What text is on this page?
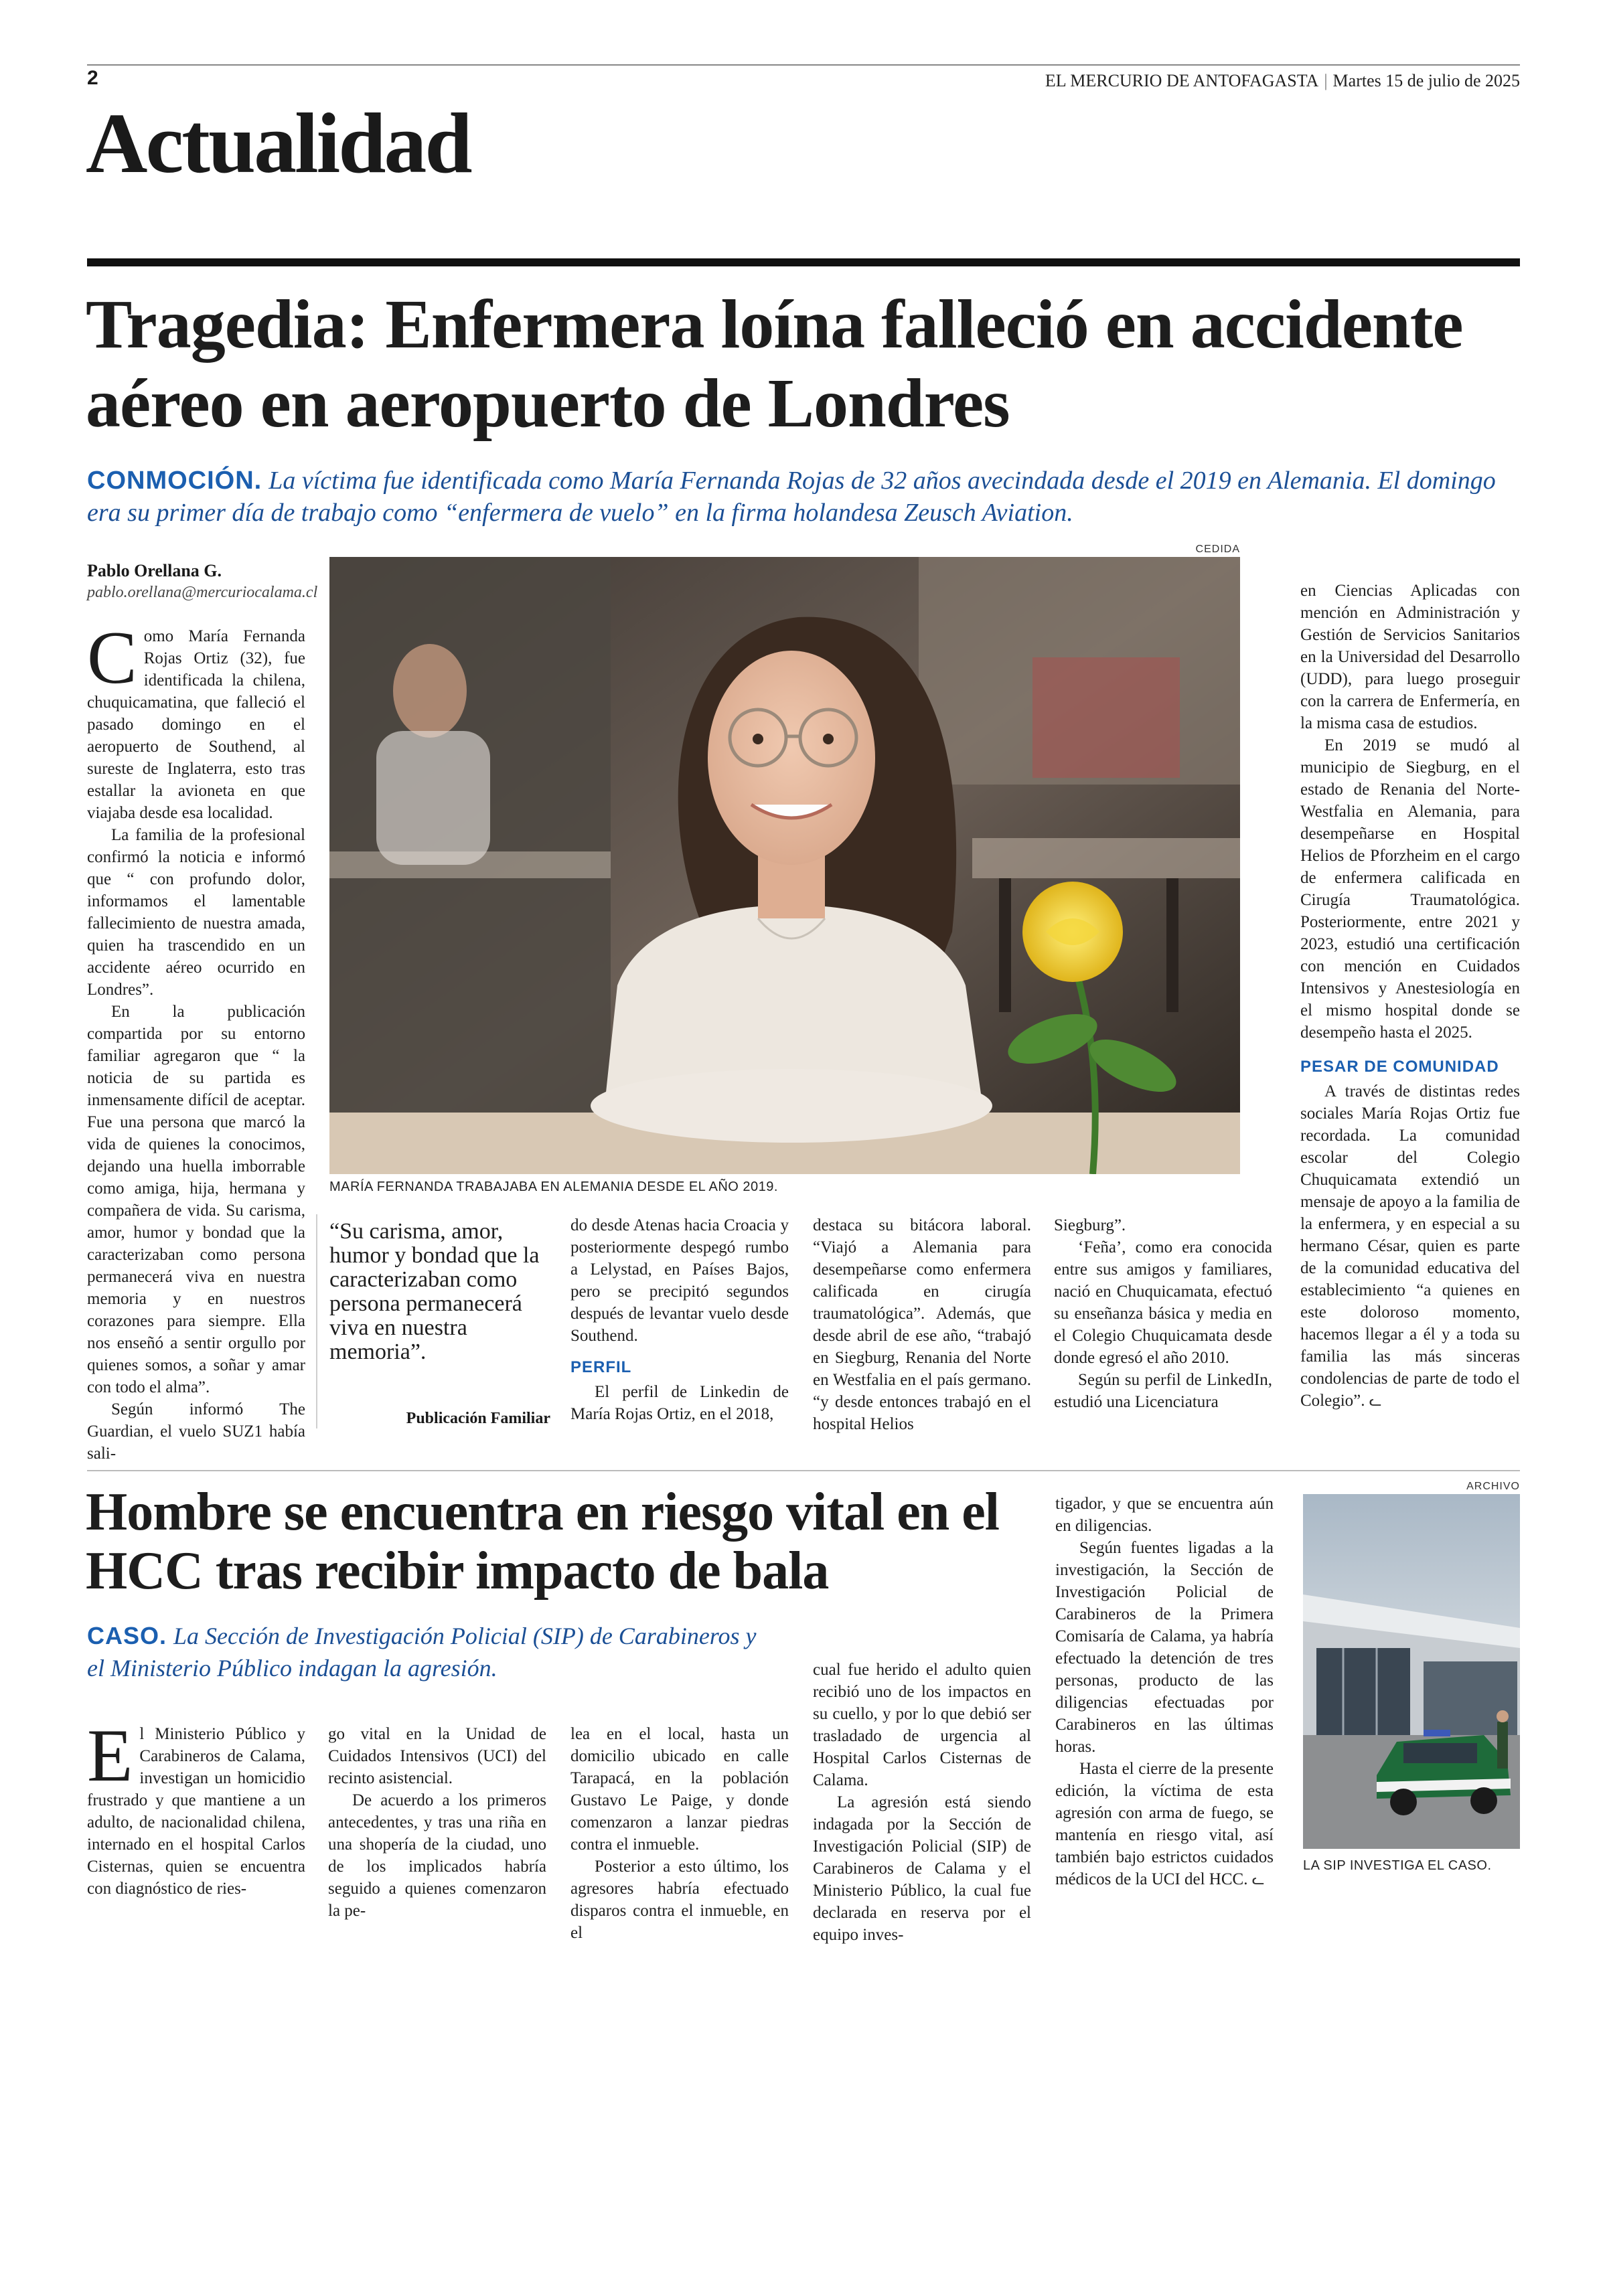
2	EL MERCURIO DE ANTOFAGASTA | Martes 15 de julio de 2025
Actualidad
Tragedia: Enfermera loína falleció en accidente aéreo en aeropuerto de Londres
CONMOCIÓN. La víctima fue identificada como María Fernanda Rojas de 32 años avecindada desde el 2019 en Alemania. El domingo era su primer día de trabajo como “enfermera de vuelo” en la firma holandesa Zeusch Aviation.
Pablo Orellana G.
pablo.orellana@mercuriocalama.cl

Como María Fernanda Rojas Ortiz (32), fue identificada la chilena, chuquicamatina, que falleció el pasado domingo en el aeropuerto de Southend, al sureste de Inglaterra, esto tras estallar la avioneta en que viajaba desde esa localidad.

La familia de la profesional confirmó la noticia e informó que “ con profundo dolor, informamos el lamentable fallecimiento de nuestra amada, quien ha trascendido en un accidente aéreo ocurrido en Londres”.

En la publicación compartida por su entorno familiar agregaron que “ la noticia de su partida es inmensamente difícil de aceptar. Fue una persona que marcó la vida de quienes la conocimos, dejando una huella imborrable como amiga, hija, hermana y compañera de vida. Su carisma, amor, humor y bondad que la caracterizaban como persona permanecerá viva en nuestra memoria y en nuestros corazones para siempre. Ella nos enseñó a sentir orgullo por quienes somos, a soñar y amar con todo el alma”.

Según informó The Guardian, el vuelo SUZ1 había sali-

CEDIDA
MARÍA FERNANDA TRABAJABA EN ALEMANIA DESDE EL AÑO 2019.
“Su carisma, amor, humor y bondad que la caracterizaban como persona permanecerá viva en nuestra memoria”.
Publicación Familiar

do desde Atenas hacia Croacia y posteriormente despegó rumbo a Lelystad, en Países Bajos, pero se precipitó segundos después de levantar vuelo desde Southend.

PERFIL

El perfil de Linkedin de María Rojas Ortiz, en el 2018,

destaca su bitácora laboral. “Viajó a Alemania para desempeñarse como enfermera calificada en cirugía traumatológica”. Además, que desde abril de ese año, “trabajó en Siegburg, Renania del Norte en Westfalia en el país germano. “y desde entonces trabajó en el hospital Helios

Siegburg”.

‘Feña’, como era conocida entre sus amigos y familiares, nació en Chuquicamata, efectuó su enseñanza básica y media en el Colegio Chuquicamata desde donde egresó el año 2010.

Según su perfil de LinkedIn, estudió una Licenciatura

en Ciencias Aplicadas con mención en Administración y Gestión de Servicios Sanitarios en la Universidad del Desarrollo (UDD), para luego proseguir con la carrera de Enfermería, en la misma casa de estudios.

En 2019 se mudó al municipio de Siegburg, en el estado de Renania del Norte-Westfalia en Alemania, para desempeñarse en Hospital Helios de Pforzheim en el cargo de enfermera calificada en Cirugía Traumatológica. Posteriormente, entre 2021 y 2023, estudió una certificación con mención en Cuidados Intensivos y Anestesiología en el mismo hospital donde se desempeño hasta el 2025.

PESAR DE COMUNIDAD

A través de distintas redes sociales María Rojas Ortiz fue recordada. La comunidad escolar del Colegio Chuquicamata extendió un mensaje de apoyo a la familia de la enfermera, y en especial a su hermano César, quien es parte de la comunidad educativa del establecimiento “a quienes en este doloroso momento, hacemos llegar a él y a toda su familia las más sinceras condolencias de parte de todo el Colegio”. ᓚ

Hombre se encuentra en riesgo vital en el HCC tras recibir impacto de bala
CASO. La Sección de Investigación Policial (SIP) de Carabineros y el Ministerio Público indagan la agresión.

El Ministerio Público y Carabineros de Calama, investigan un homicidio frustrado y que mantiene a un adulto, de nacionalidad chilena, internado en el hospital Carlos Cisternas, quien se encuentra con diagnóstico de ries-

go vital en la Unidad de Cuidados Intensivos (UCI) del recinto asistencial.

De acuerdo a los primeros antecedentes, y tras una riña en una shopería de la ciudad, uno de los implicados habría seguido a quienes comenzaron la pe-

lea en el local, hasta un domicilio ubicado en calle Tarapacá, en la población Gustavo Le Paige, y donde comenzaron a lanzar piedras contra el inmueble.

Posterior a esto último, los agresores habría efectuado disparos contra el inmueble, en el

cual fue herido el adulto quien recibió uno de los impactos en su cuello, y por lo que debió ser trasladado de urgencia al Hospital Carlos Cisternas de Calama.

La agresión está siendo indagada por la Sección de Investigación Policial (SIP) de Carabineros de Calama y el Ministerio Público, la cual fue declarada en reserva por el equipo inves-

tigador, y que se encuentra aún en diligencias.

Según fuentes ligadas a la investigación, la Sección de Investigación Policial de Carabineros de la Primera Comisaría de Calama, ya habría efectuado la detención de tres personas, producto de las diligencias efectuadas por Carabineros en las últimas horas.

Hasta el cierre de la presente edición, la víctima de esta agresión con arma de fuego, se mantenía en riesgo vital, así también bajo estrictos cuidados médicos de la UCI del HCC. ᓚ

ARCHIVO
LA SIP INVESTIGA EL CASO.
